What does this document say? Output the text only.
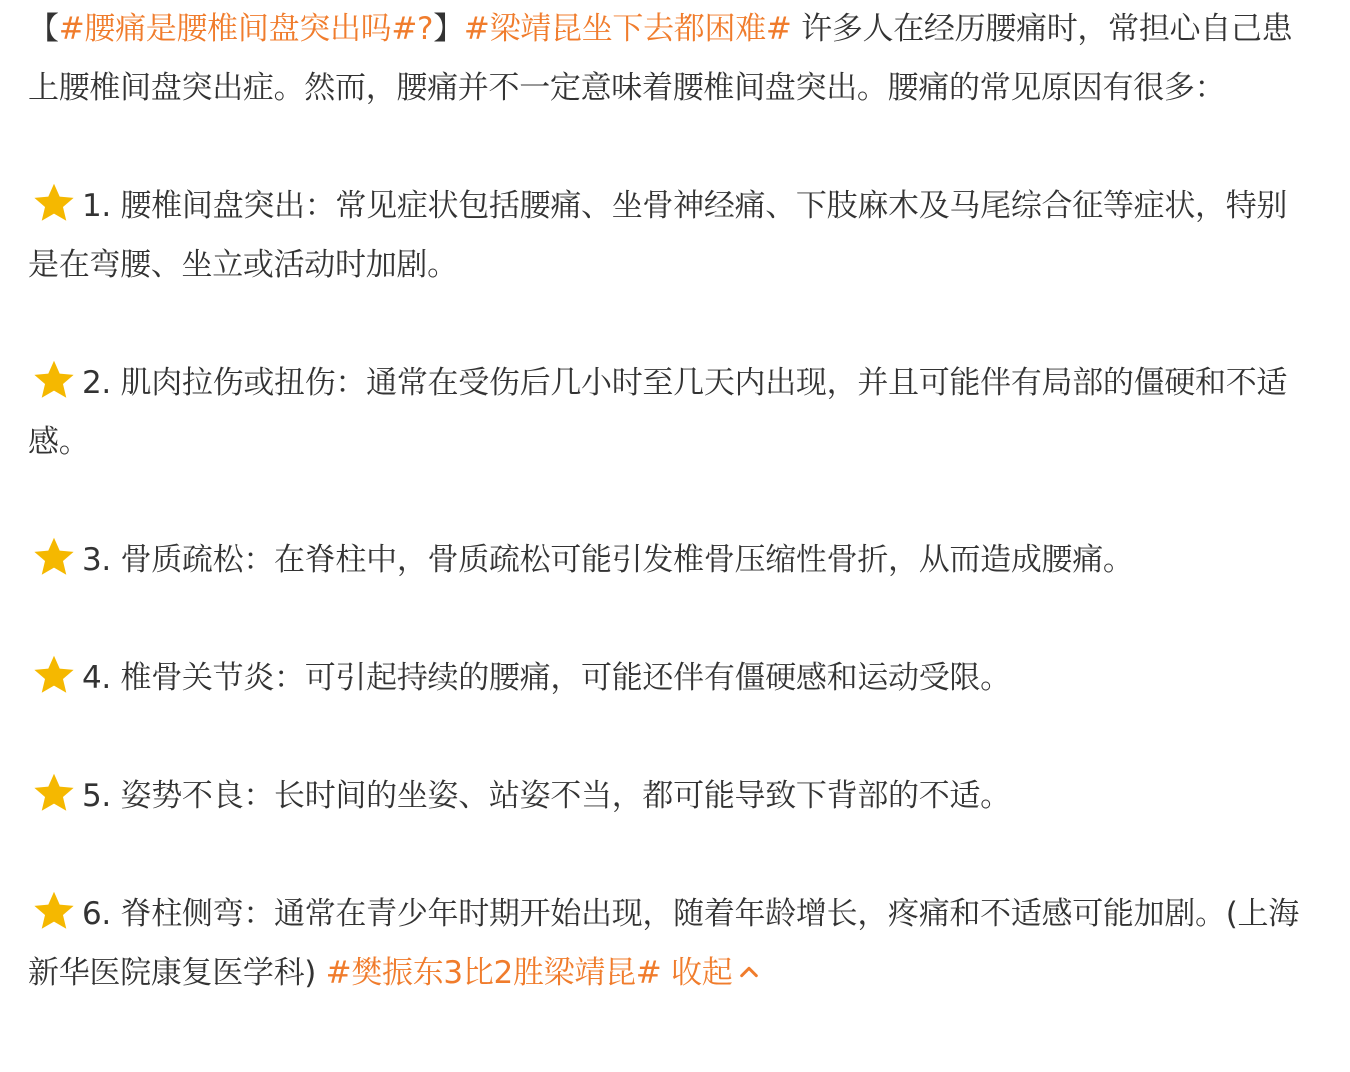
【#腰痛是腰椎间盘突出吗#?】#梁靖昆坐下去都困难# 许多人在经历腰痛时，常担心自己患上腰椎间盘突出症。然而，腰痛并不一定意味着腰椎间盘突出。腰痛的常见原因有很多：

1. 腰椎间盘突出：常见症状包括腰痛、坐骨神经痛、下肢麻木及马尾综合征等症状，特别是在弯腰、坐立或活动时加剧。

2. 肌肉拉伤或扭伤：通常在受伤后几小时至几天内出现，并且可能伴有局部的僵硬和不适感。

3. 骨质疏松：在脊柱中，骨质疏松可能引发椎骨压缩性骨折，从而造成腰痛。

4. 椎骨关节炎：可引起持续的腰痛，可能还伴有僵硬感和运动受限。

5. 姿势不良：长时间的坐姿、站姿不当，都可能导致下背部的不适。

6. 脊柱侧弯：通常在青少年时期开始出现，随着年龄增长，疼痛和不适感可能加剧。(上海新华医院康复医学科) #樊振东3比2胜梁靖昆# 收起
